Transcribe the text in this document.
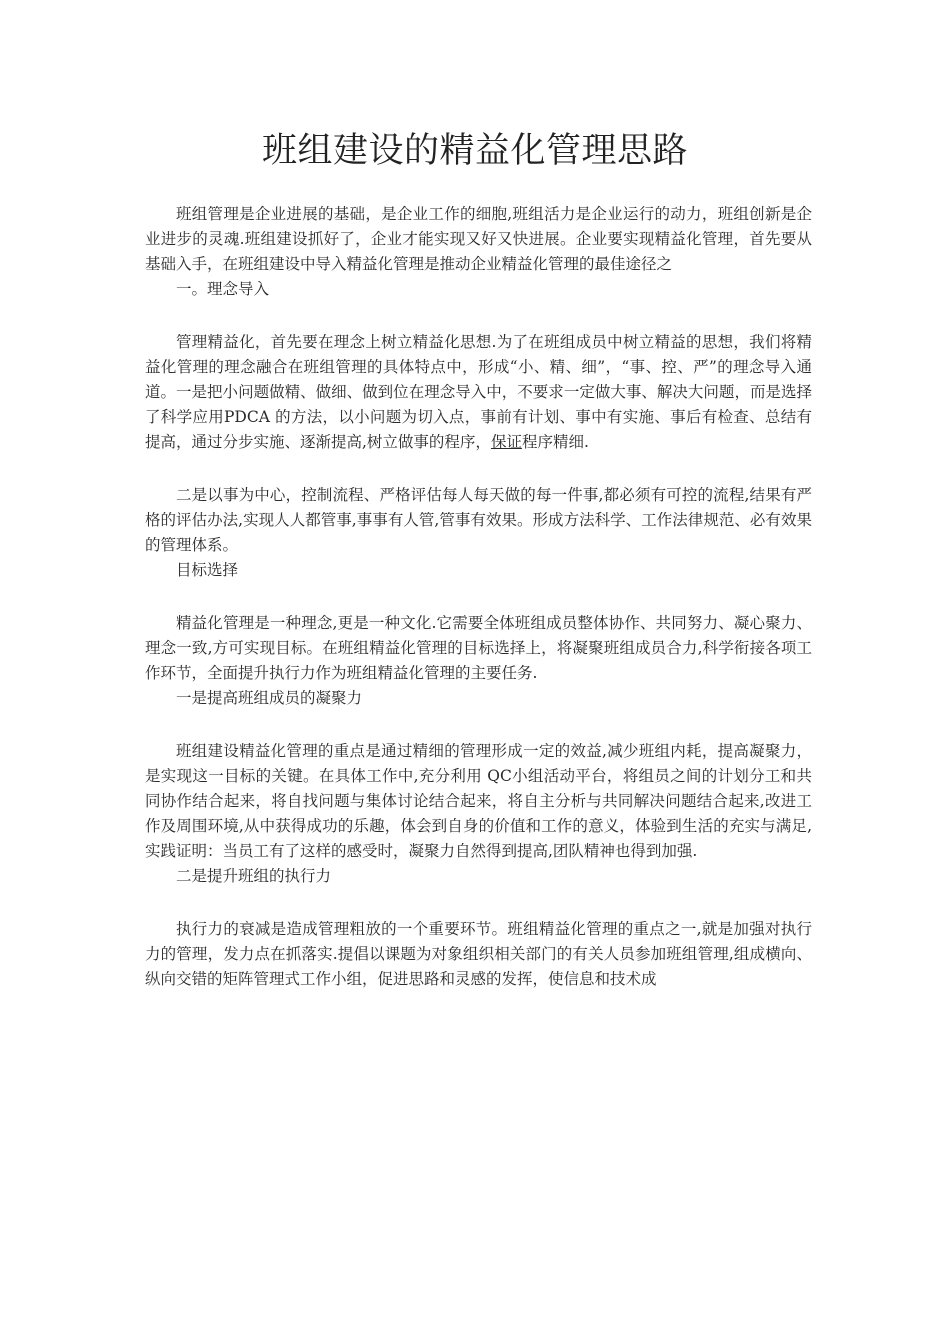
班组建设的精益化管理思路

班组管理是企业进展的基础，是企业工作的细胞,班组活力是企业运行的动力，班组创新是企业进步的灵魂.班组建设抓好了，企业才能实现又好又快进展。企业要实现精益化管理，首先要从基础入手，在班组建设中导入精益化管理是推动企业精益化管理的最佳途径之

一。理念导入

管理精益化，首先要在理念上树立精益化思想.为了在班组成员中树立精益的思想，我们将精益化管理的理念融合在班组管理的具体特点中，形成“小、精、细”，“事、控、严”的理念导入通道。一是把小问题做精、做细、做到位在理念导入中，不要求一定做大事、解决大问题，而是选择了科学应用PDCA 的方法，以小问题为切入点，事前有计划、事中有实施、事后有检查、总结有提高，通过分步实施、逐渐提高,树立做事的程序，保证程序精细.

二是以事为中心，控制流程、严格评估每人每天做的每一件事,都必须有可控的流程,结果有严格的评估办法,实现人人都管事,事事有人管,管事有效果。形成方法科学、工作法律规范、必有效果的管理体系。

目标选择

精益化管理是一种理念,更是一种文化.它需要全体班组成员整体协作、共同努力、凝心聚力、理念一致,方可实现目标。在班组精益化管理的目标选择上，将凝聚班组成员合力,科学衔接各项工作环节，全面提升执行力作为班组精益化管理的主要任务.

一是提高班组成员的凝聚力

班组建设精益化管理的重点是通过精细的管理形成一定的效益,减少班组内耗，提高凝聚力，是实现这一目标的关键。在具体工作中,充分利用 QC小组活动平台，将组员之间的计划分工和共同协作结合起来，将自找问题与集体讨论结合起来，将自主分析与共同解决问题结合起来,改进工作及周围环境,从中获得成功的乐趣，体会到自身的价值和工作的意义，体验到生活的充实与满足,实践证明：当员工有了这样的感受时，凝聚力自然得到提高,团队精神也得到加强.

二是提升班组的执行力

执行力的衰减是造成管理粗放的一个重要环节。班组精益化管理的重点之一,就是加强对执行力的管理，发力点在抓落实.提倡以课题为对象组织相关部门的有关人员参加班组管理,组成横向、纵向交错的矩阵管理式工作小组，促进思路和灵感的发挥，使信息和技术成
